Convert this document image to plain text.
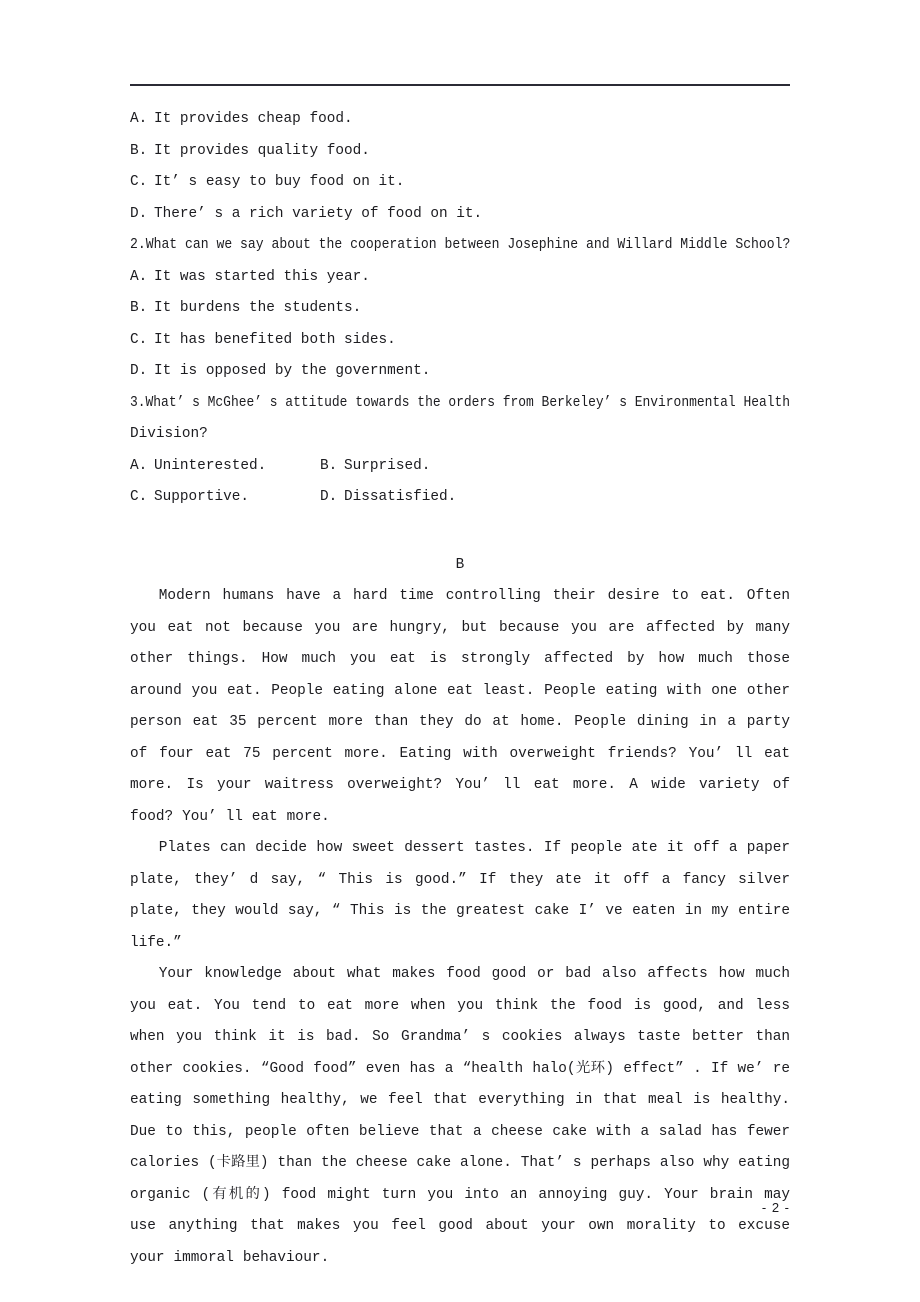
A. It provides cheap food.
B. It provides quality food.
C. It’ s easy to buy food on it.
D. There’ s a rich variety of food on it.
2.What can we say about the cooperation between Josephine and Willard Middle School?
A. It was started this year.
B. It burdens the students.
C. It has benefited both sides.
D. It is opposed by the government.
3.What’ s McGhee’ s attitude towards the orders from Berkeley’ s Environmental Health
Division?
A. Uninterested.	B. Surprised.
C. Supportive.	D. Dissatisfied.
B

Modern humans have a hard time controlling their desire to eat. Often you eat not because you are hungry, but because you are affected by many other things. How much you eat is strongly affected by how much those around you eat. People eating alone eat least. People eating with one other person eat 35 percent more than they do at home. People dining in a party of four eat 75 percent more. Eating with overweight friends? You’ ll eat more. Is your waitress overweight? You’ ll eat more. A wide variety of food? You’ ll eat more.

Plates can decide how sweet dessert tastes. If people ate it off a paper plate, they’ d say, “ This is good.” If they ate it off a fancy silver plate, they would say, “ This is the greatest cake I’ ve eaten in my entire life.”

Your knowledge about what makes food good or bad also affects how much you eat. You tend to eat more when you think the food is good, and less when you think it is bad. So Grandma’ s cookies always taste better than other cookies. “Good food” even has a “health halo(光环) effect” . If we’ re eating something healthy, we feel that everything in that meal is healthy. Due to this, people often believe that a cheese cake with a salad has fewer calories (卡路里) than the cheese cake alone. That’ s perhaps also why eating organic (有机的) food might turn you into an annoying guy. Your brain may use anything that makes you feel good about your own morality to excuse your immoral behaviour.

- 2 -
